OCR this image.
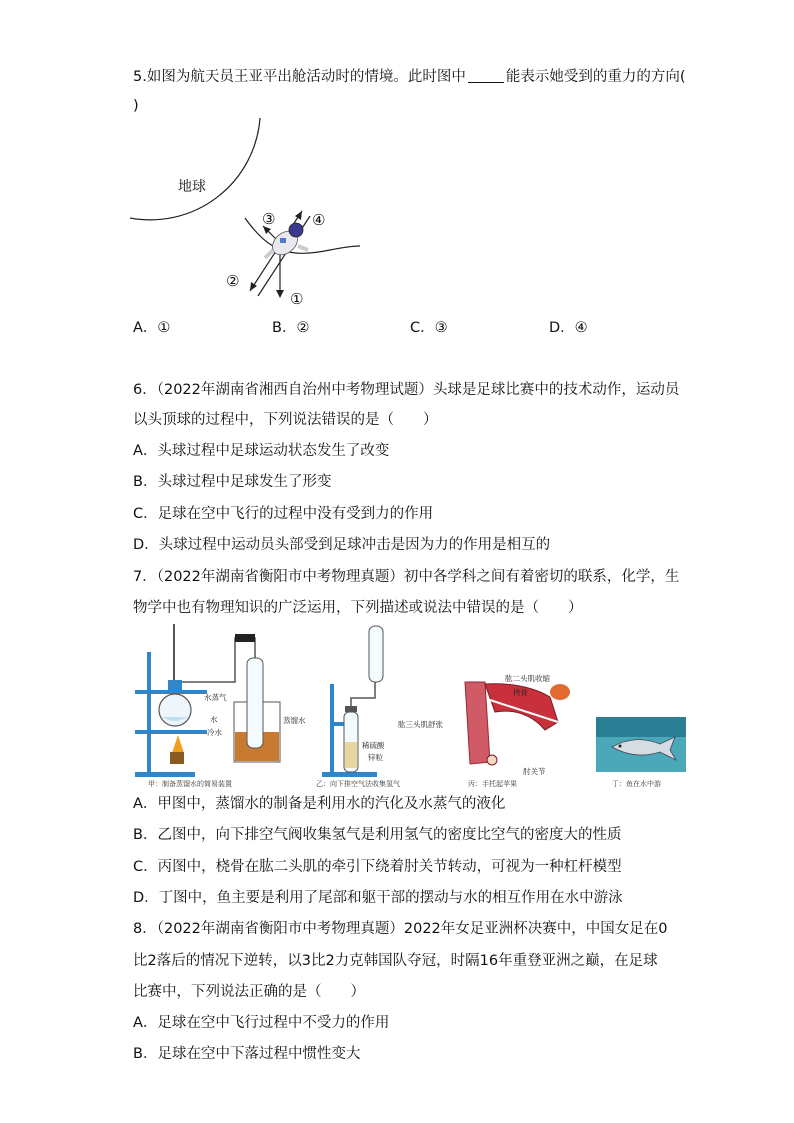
5.如图为航天员王亚平出舱活动时的情境。此时图中	能表示她受到的重力的方向(
)
地球
③ ④
②
①
A．①	B．②	C．③	D．④
6．（2022年湖南省湘西自治州中考物理试题）头球是足球比赛中的技术动作，运动员
以头顶球的过程中，下列说法错误的是（　　）
A．头球过程中足球运动状态发生了改变
B．头球过程中足球发生了形变
C．足球在空中飞行的过程中没有受到力的作用
D．头球过程中运动员头部受到足球冲击是因为力的作用是相互的
7．（2022年湖南省衡阳市中考物理真题）初中各学科之间有着密切的联系，化学，生
物学中也有物理知识的广泛运用，下列描述或说法中错误的是（　　）
水蒸气
水
冷水
蒸馏水
甲：制备蒸馏水的简易装置
稀硫酸
锌粒
乙：向下排空气法收集氢气
肱二头肌收缩
桡骨
肱三头肌舒张
肘关节
丙：手托起苹果	丁：鱼在水中游
A．甲图中，蒸馏水的制备是利用水的汽化及水蒸气的液化
B．乙图中，向下排空气阀收集氢气是利用氢气的密度比空气的密度大的性质
C．丙图中，桡骨在肱二头肌的牵引下绕着肘关节转动，可视为一种杠杆模型
D．丁图中，鱼主要是利用了尾部和躯干部的摆动与水的相互作用在水中游泳
8．（2022年湖南省衡阳市中考物理真题）2022年女足亚洲杯决赛中，中国女足在0
比2落后的情况下逆转，以3比2力克韩国队夺冠，时隔16年重登亚洲之巅，在足球
比赛中，下列说法正确的是（　　）
A．足球在空中飞行过程中不受力的作用
B．足球在空中下落过程中惯性变大
